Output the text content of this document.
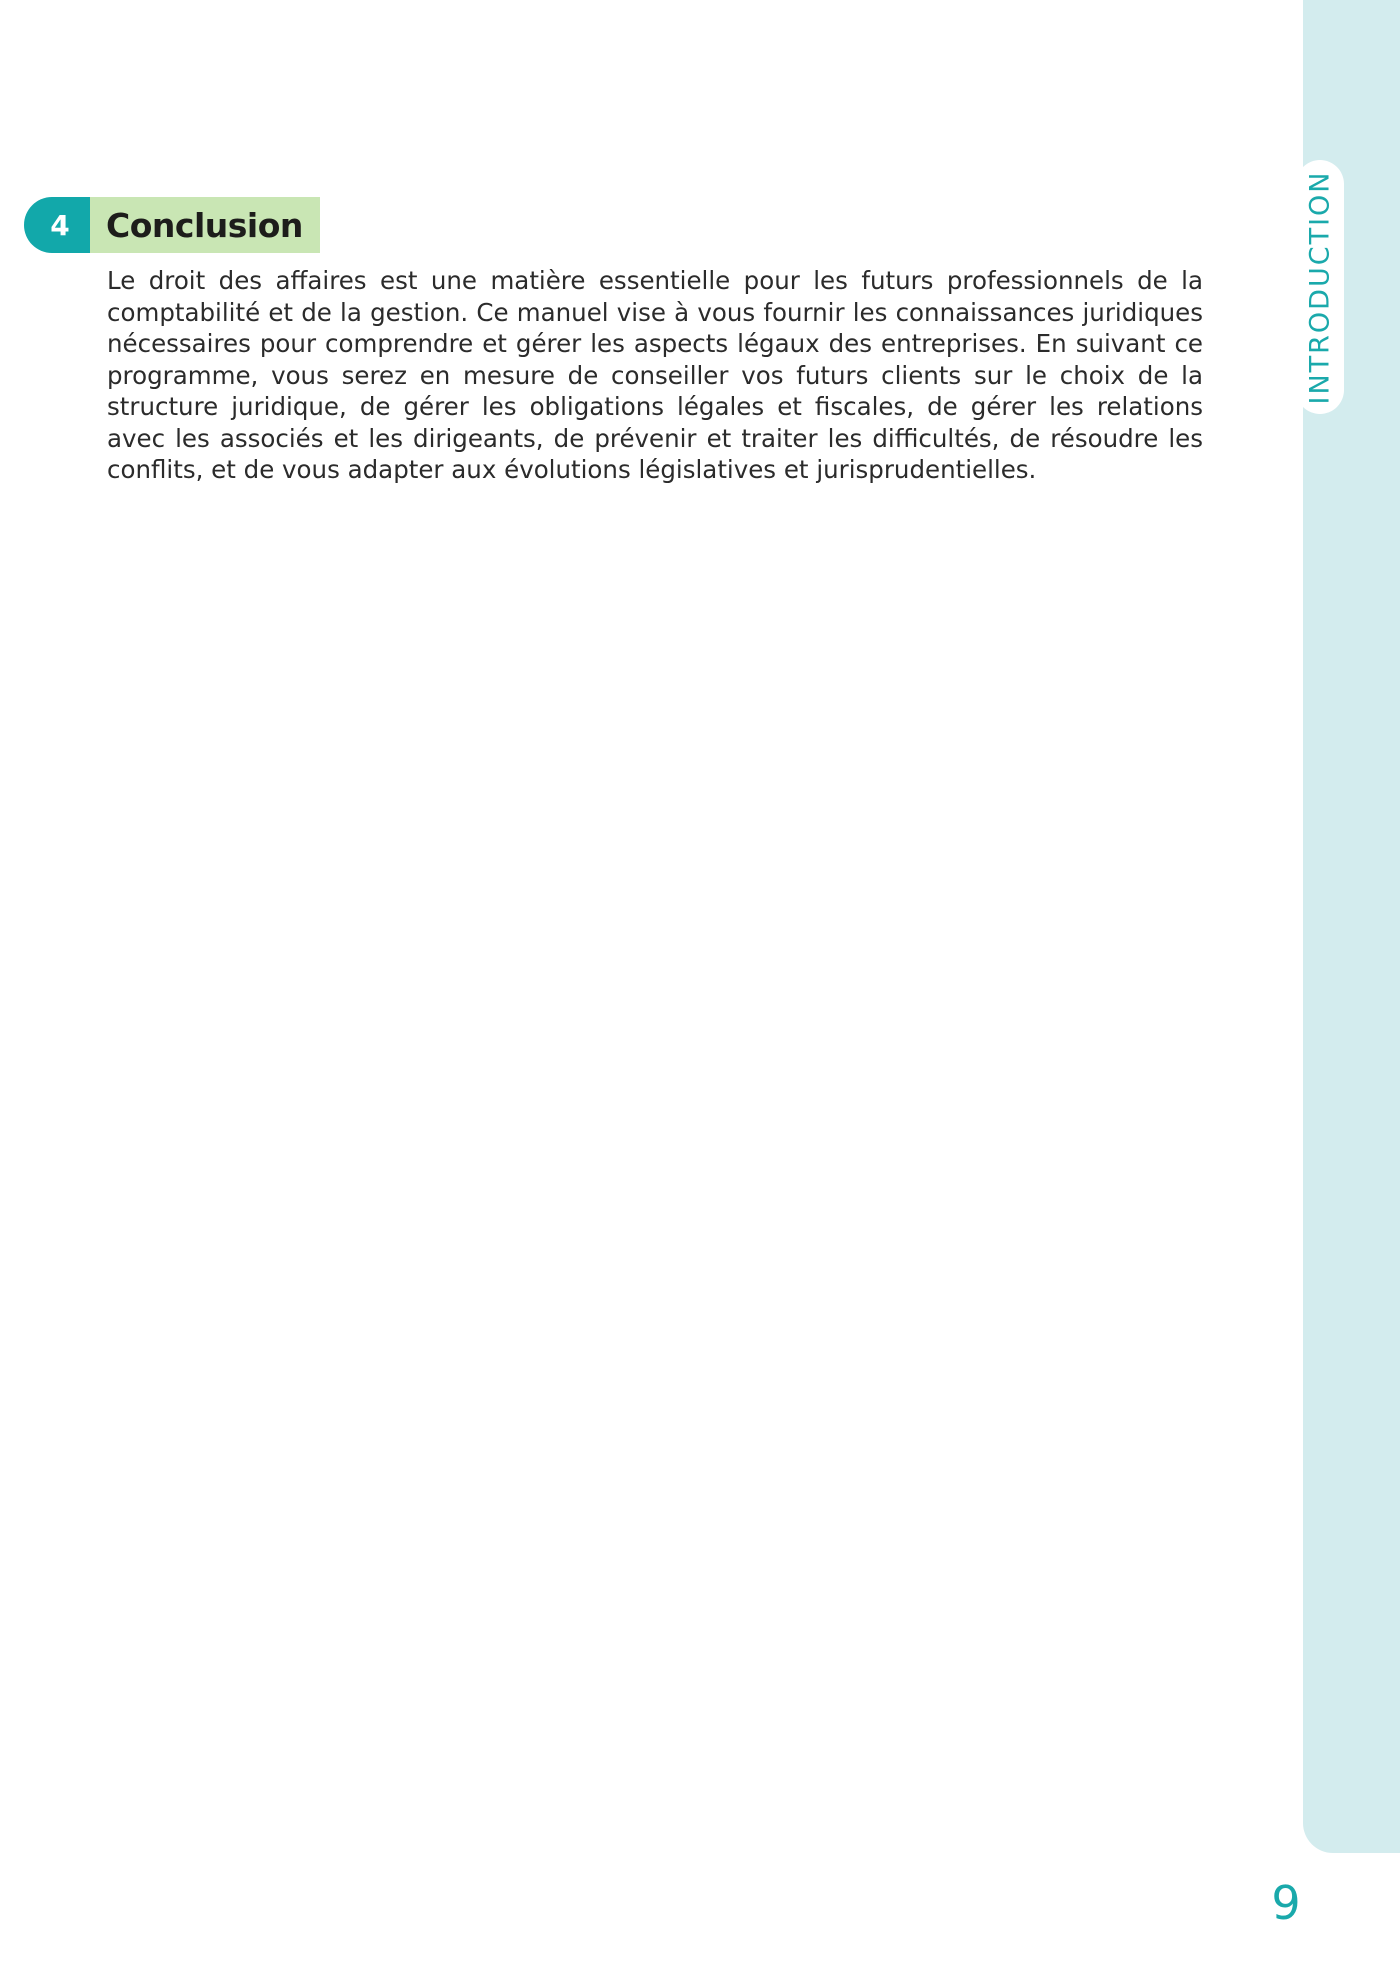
INTRODUCTION
4	Conclusion

Le droit des affaires est une matière essentielle pour les futurs professionnels de la comptabilité et de la gestion. Ce manuel vise à vous fournir les connaissances juridiques nécessaires pour comprendre et gérer les aspects légaux des entreprises. En suivant ce programme, vous serez en mesure de conseiller vos futurs clients sur le choix de la structure juridique, de gérer les obligations légales et fiscales, de gérer les relations avec les associés et les dirigeants, de prévenir et traiter les difficultés, de résoudre les conflits, et de vous adapter aux évolutions législatives et jurisprudentielles.

9
